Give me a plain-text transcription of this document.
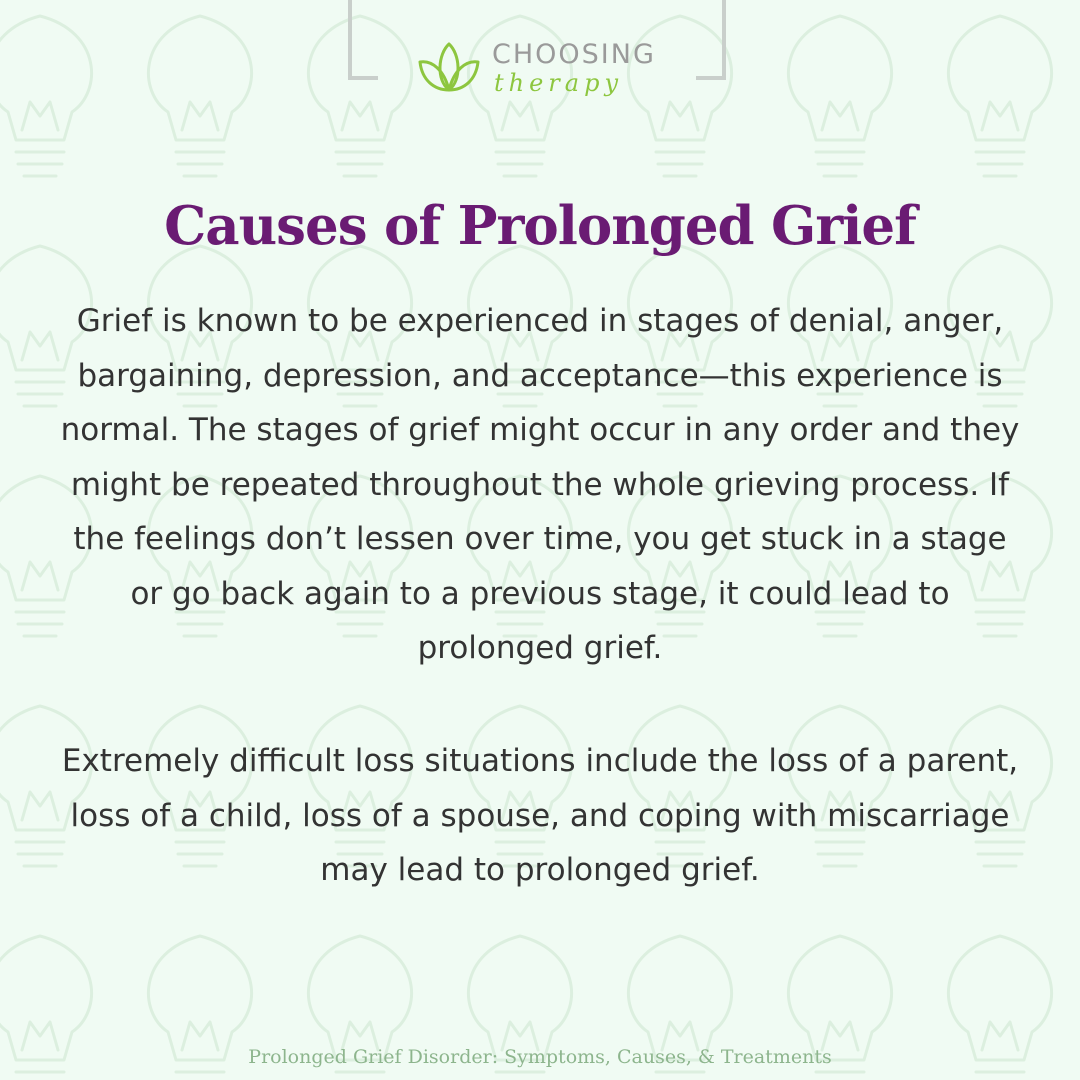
CHOOSING
therapy
Causes of Prolonged Grief

Grief is known to be experienced in stages of denial, anger, bargaining, depression, and acceptance—this experience is normal. The stages of grief might occur in any order and they might be repeated throughout the whole grieving process. If the feelings don’t lessen over time, you get stuck in a stage or go back again to a previous stage, it could lead to prolonged grief.

Extremely difficult loss situations include the loss of a parent, loss of a child, loss of a spouse, and coping with miscarriage may lead to prolonged grief.

Prolonged Grief Disorder: Symptoms, Causes, & Treatments
